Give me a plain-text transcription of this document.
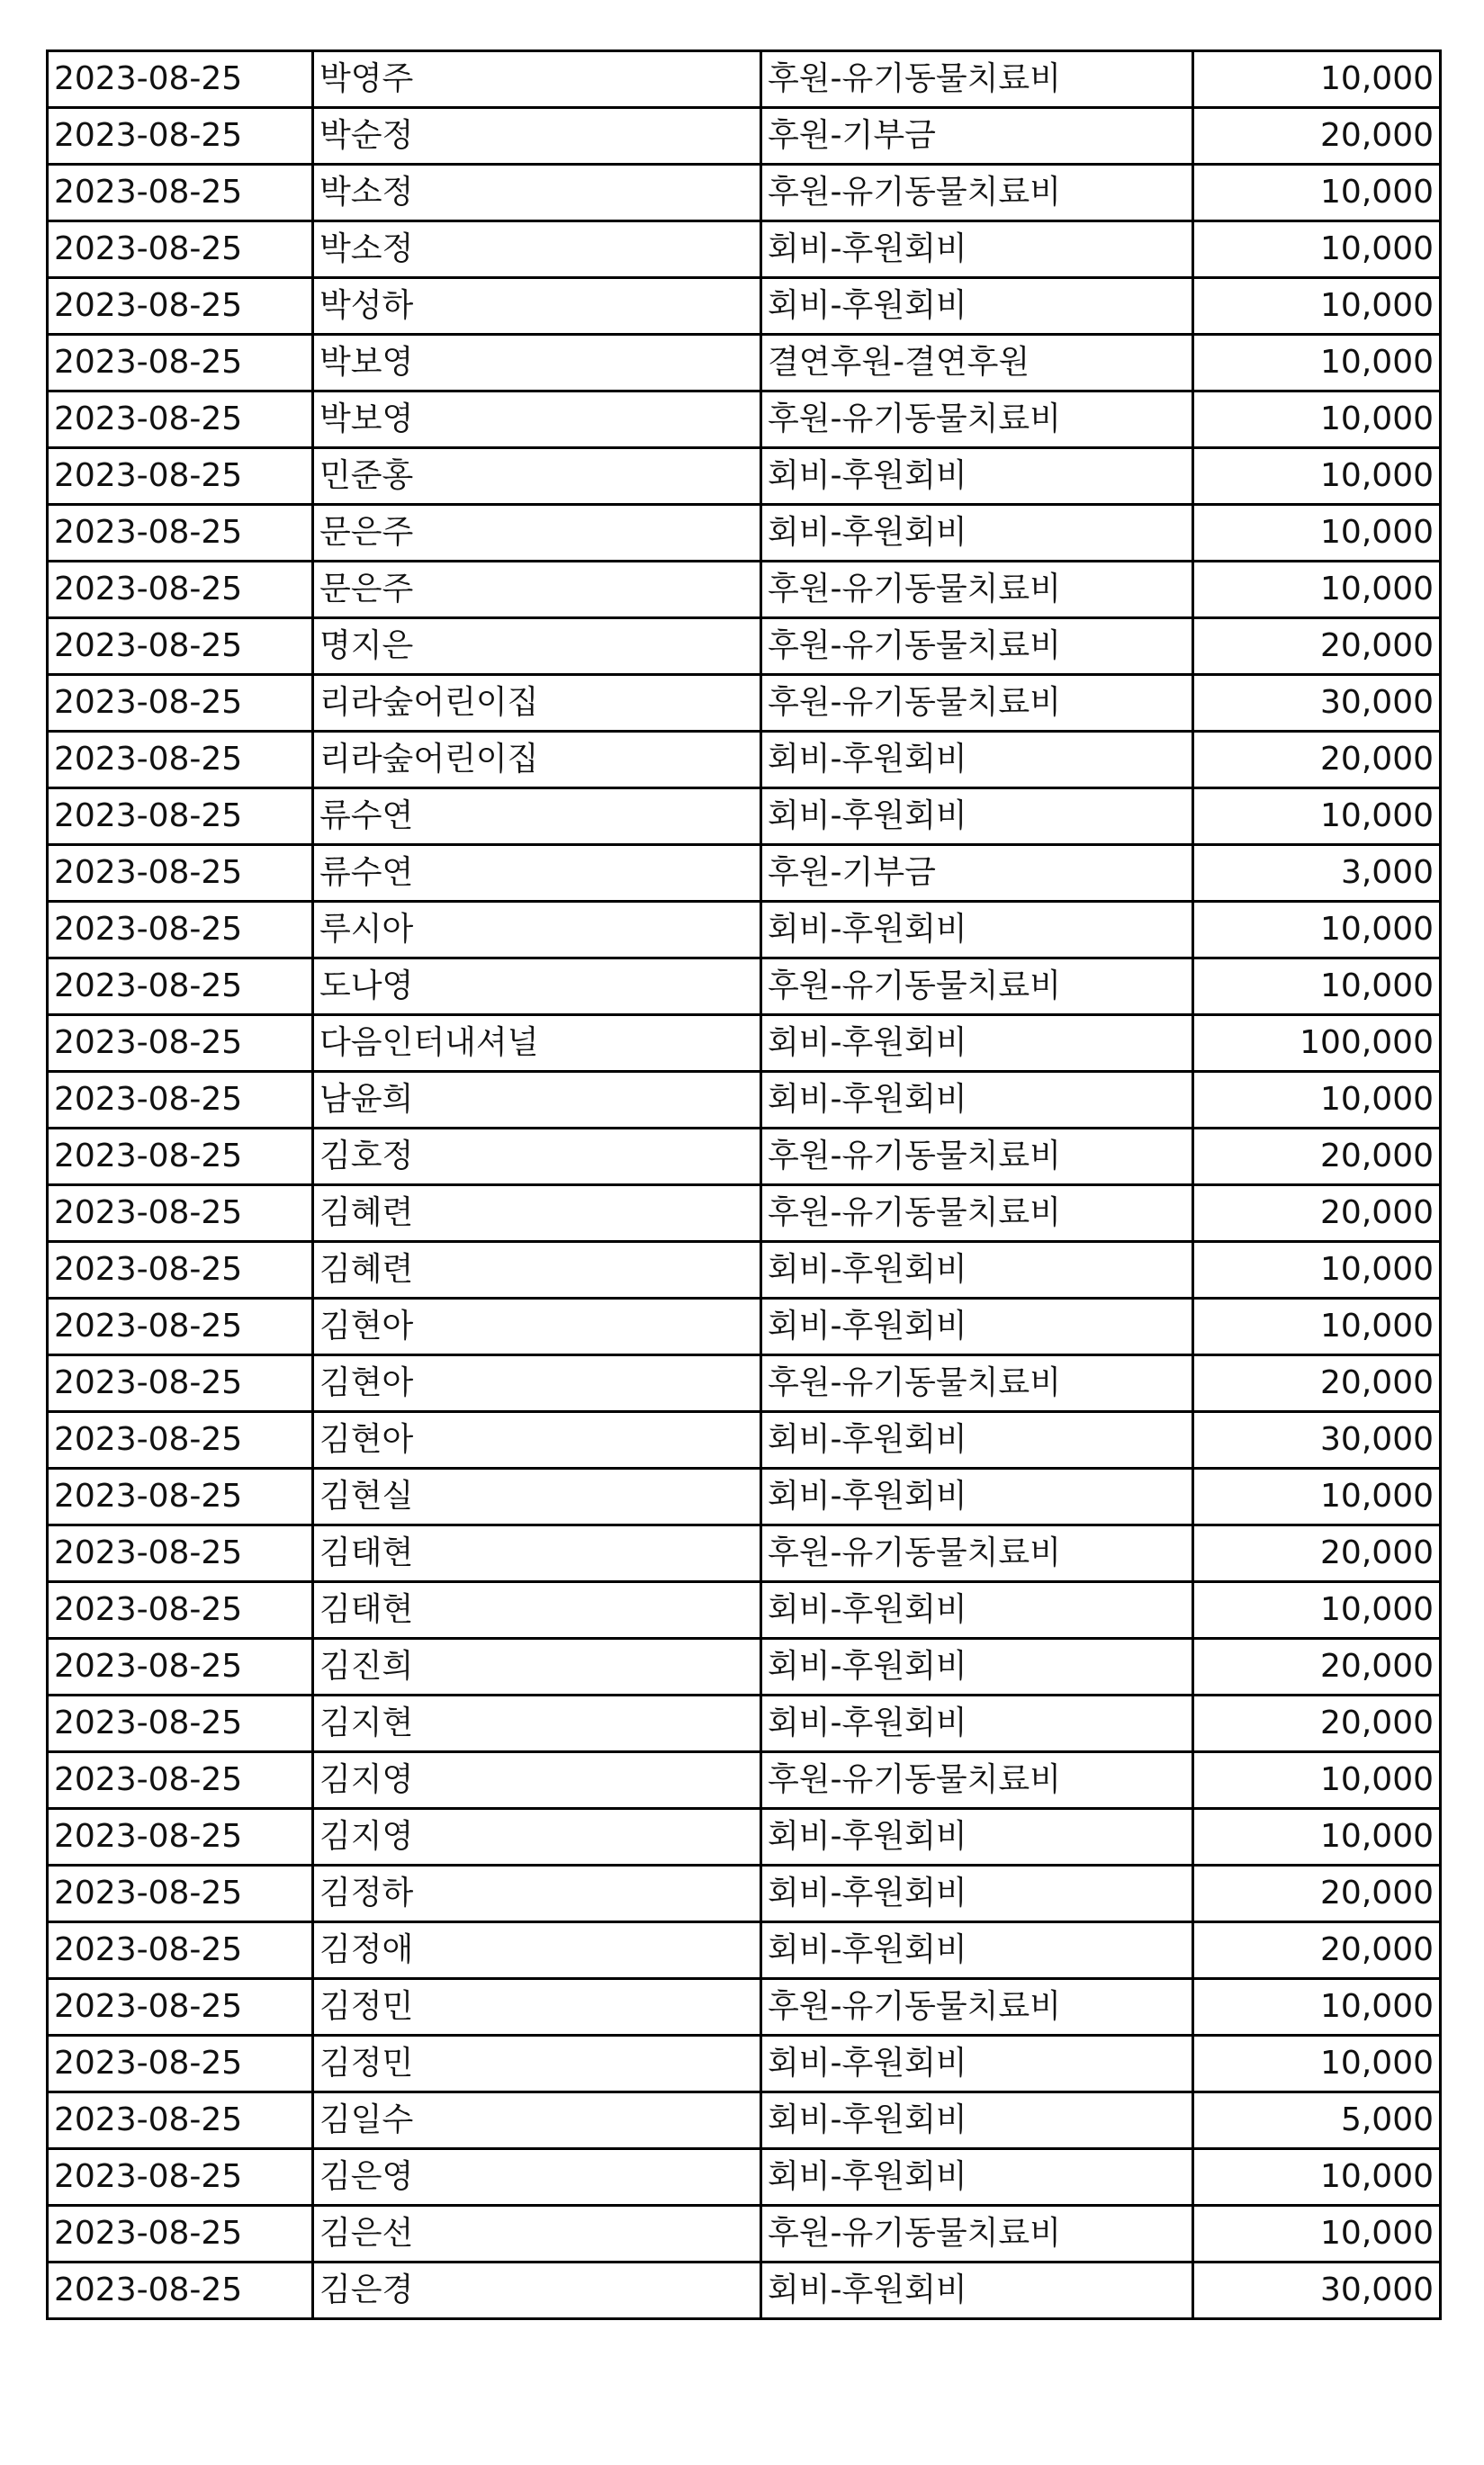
2023-08-25	박영주	후원-유기동물치료비	10,000
2023-08-25	박순정	후원-기부금	20,000
2023-08-25	박소정	후원-유기동물치료비	10,000
2023-08-25	박소정	회비-후원회비	10,000
2023-08-25	박성하	회비-후원회비	10,000
2023-08-25	박보영	결연후원-결연후원	10,000
2023-08-25	박보영	후원-유기동물치료비	10,000
2023-08-25	민준홍	회비-후원회비	10,000
2023-08-25	문은주	회비-후원회비	10,000
2023-08-25	문은주	후원-유기동물치료비	10,000
2023-08-25	명지은	후원-유기동물치료비	20,000
2023-08-25	리라숲어린이집	후원-유기동물치료비	30,000
2023-08-25	리라숲어린이집	회비-후원회비	20,000
2023-08-25	류수연	회비-후원회비	10,000
2023-08-25	류수연	후원-기부금	3,000
2023-08-25	루시아	회비-후원회비	10,000
2023-08-25	도나영	후원-유기동물치료비	10,000
2023-08-25	다음인터내셔널	회비-후원회비	100,000
2023-08-25	남윤희	회비-후원회비	10,000
2023-08-25	김호정	후원-유기동물치료비	20,000
2023-08-25	김혜련	후원-유기동물치료비	20,000
2023-08-25	김혜련	회비-후원회비	10,000
2023-08-25	김현아	회비-후원회비	10,000
2023-08-25	김현아	후원-유기동물치료비	20,000
2023-08-25	김현아	회비-후원회비	30,000
2023-08-25	김현실	회비-후원회비	10,000
2023-08-25	김태현	후원-유기동물치료비	20,000
2023-08-25	김태현	회비-후원회비	10,000
2023-08-25	김진희	회비-후원회비	20,000
2023-08-25	김지현	회비-후원회비	20,000
2023-08-25	김지영	후원-유기동물치료비	10,000
2023-08-25	김지영	회비-후원회비	10,000
2023-08-25	김정하	회비-후원회비	20,000
2023-08-25	김정애	회비-후원회비	20,000
2023-08-25	김정민	후원-유기동물치료비	10,000
2023-08-25	김정민	회비-후원회비	10,000
2023-08-25	김일수	회비-후원회비	5,000
2023-08-25	김은영	회비-후원회비	10,000
2023-08-25	김은선	후원-유기동물치료비	10,000
2023-08-25	김은경	회비-후원회비	30,000
